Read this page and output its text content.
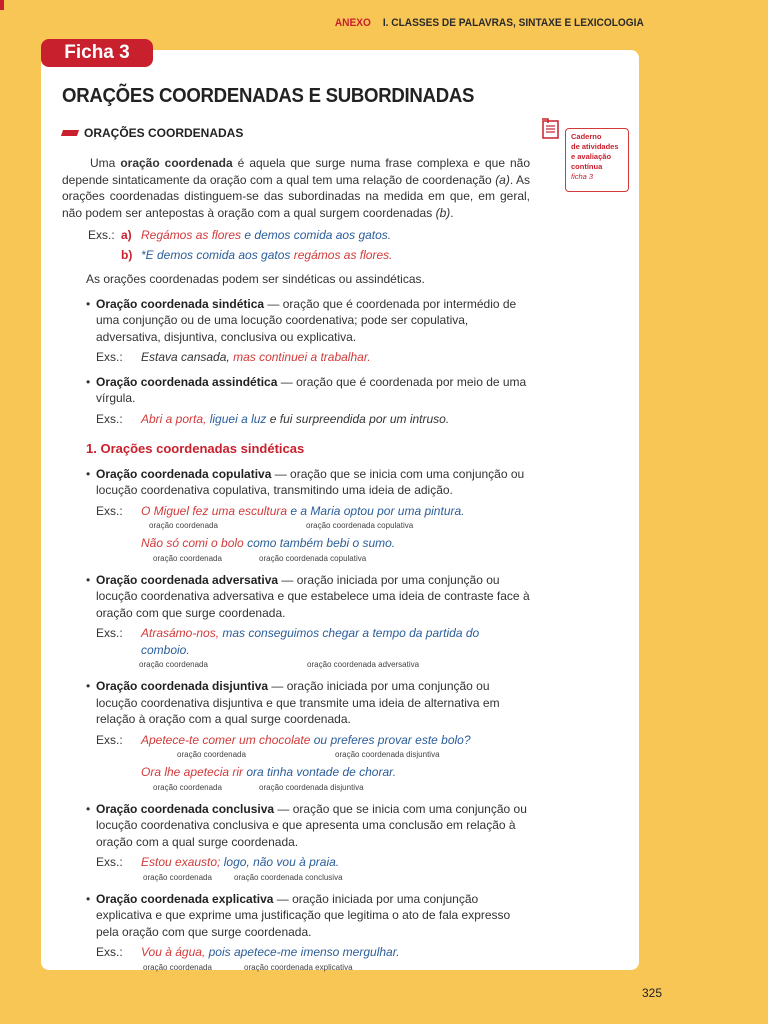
ANEXO I. CLASSES DE PALAVRAS, SINTAXE E LEXICOLOGIA
Ficha 3
ORAÇÕES COORDENADAS E SUBORDINADAS
ORAÇÕES COORDENADAS	Caderno
de atividades
e avaliação
contínua
ficha 3

Uma oração coordenada é aquela que surge numa frase complexa e que não depende sintaticamente da oração com a qual tem uma relação de coordenação (a). As orações coordenadas distinguem-se das subordinadas na medida em que, em geral, não podem ser antepostas à oração com a qual surgem coordenadas (b).

Exs.: a) Regámos as flores e demos comida aos gatos.
b) *E demos comida aos gatos regámos as flores.

As orações coordenadas podem ser sindéticas ou assindéticas.

• Oração coordenada sindética — oração que é coordenada por intermédio de uma conjunção ou de uma locução coordenativa; pode ser copulativa, adversativa, disjuntiva, conclusiva ou explicativa.
Exs.:	Estava cansada, mas continuei a trabalhar.
• Oração coordenada assindética — oração que é coordenada por meio de uma vírgula.
Exs.:	Abri a porta, liguei a luz e fui surpreendida por um intruso.
1. Orações coordenadas sindéticas
• Oração coordenada copulativa — oração que se inicia com uma conjunção ou locução coordenativa copulativa, transmitindo uma ideia de adição.
Exs.:	O Miguel fez uma escultura e a Maria optou por uma pintura.
oração coordenada	oração coordenada copulativa
Não só comi o bolo como também bebi o sumo.
oração coordenada	oração coordenada copulativa
• Oração coordenada adversativa — oração iniciada por uma conjunção ou locução coordenativa adversativa e que estabelece uma ideia de contraste face à oração com que surge coordenada.
Exs.:	Atrasámo-nos, mas conseguimos chegar a tempo da partida do comboio.
oração coordenada	oração coordenada adversativa
• Oração coordenada disjuntiva — oração iniciada por uma conjunção ou locução coordenativa disjuntiva e que transmite uma ideia de alternativa em relação à oração com a qual surge coordenada.
Exs.:	Apetece-te comer um chocolate ou preferes provar este bolo?
oração coordenada	oração coordenada disjuntiva
Ora lhe apetecia rir ora tinha vontade de chorar.
oração coordenada	oração coordenada disjuntiva
• Oração coordenada conclusiva — oração que se inicia com uma conjunção ou locução coordenativa conclusiva e que apresenta uma conclusão em relação à oração com a qual surge coordenada.
Exs.:	Estou exausto; logo, não vou à praia.
oração coordenada	oração coordenada conclusiva
• Oração coordenada explicativa — oração iniciada por uma conjunção explicativa e que exprime uma justificação que legitima o ato de fala expresso pela oração com que surge coordenada.
Exs.:	Vou à água, pois apetece-me imenso mergulhar.
oração coordenada	oração coordenada explicativa
325
